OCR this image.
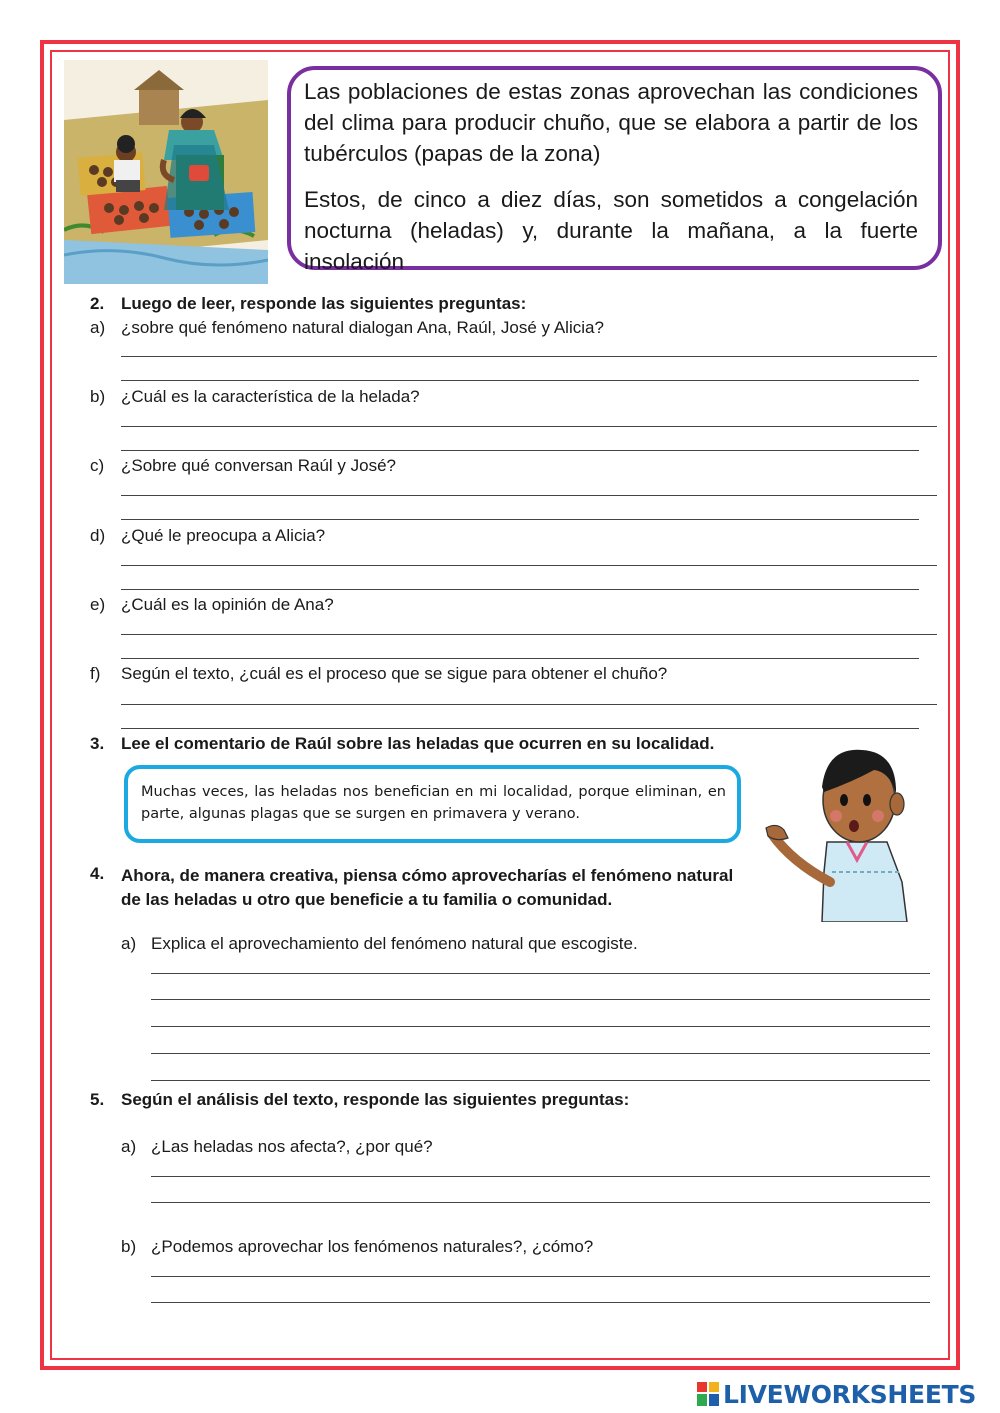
Las poblaciones de estas zonas aprovechan las condiciones del clima para producir chuño, que se elabora a partir de los tubérculos (papas de la zona)

Estos, de cinco a diez días, son sometidos a congelación nocturna (heladas) y, durante la mañana, a la fuerte insolación

2. Luego de leer, responde las siguientes preguntas:
a) ¿sobre qué fenómeno natural dialogan Ana, Raúl, José y Alicia?
b) ¿Cuál es la característica de la helada?
c) ¿Sobre qué conversan Raúl y José?
d) ¿Qué le preocupa a Alicia?
e) ¿Cuál es la opinión de Ana?
f) Según el texto, ¿cuál es el proceso que se sigue para obtener el chuño?
3. Lee el comentario de Raúl sobre las heladas que ocurren en su localidad.
Muchas veces, las heladas nos benefician en mi localidad, porque eliminan, en parte, algunas plagas que se surgen en primavera y verano.
4. Ahora, de manera creativa, piensa cómo aprovecharías el fenómeno natural de las heladas u otro que beneficie a tu familia o comunidad.
a) Explica el aprovechamiento del fenómeno natural que escogiste.
5. Según el análisis del texto, responde las siguientes preguntas:
a) ¿Las heladas nos afecta?, ¿por qué?
b) ¿Podemos aprovechar los fenómenos naturales?, ¿cómo?
LIVEWORKSHEETS
